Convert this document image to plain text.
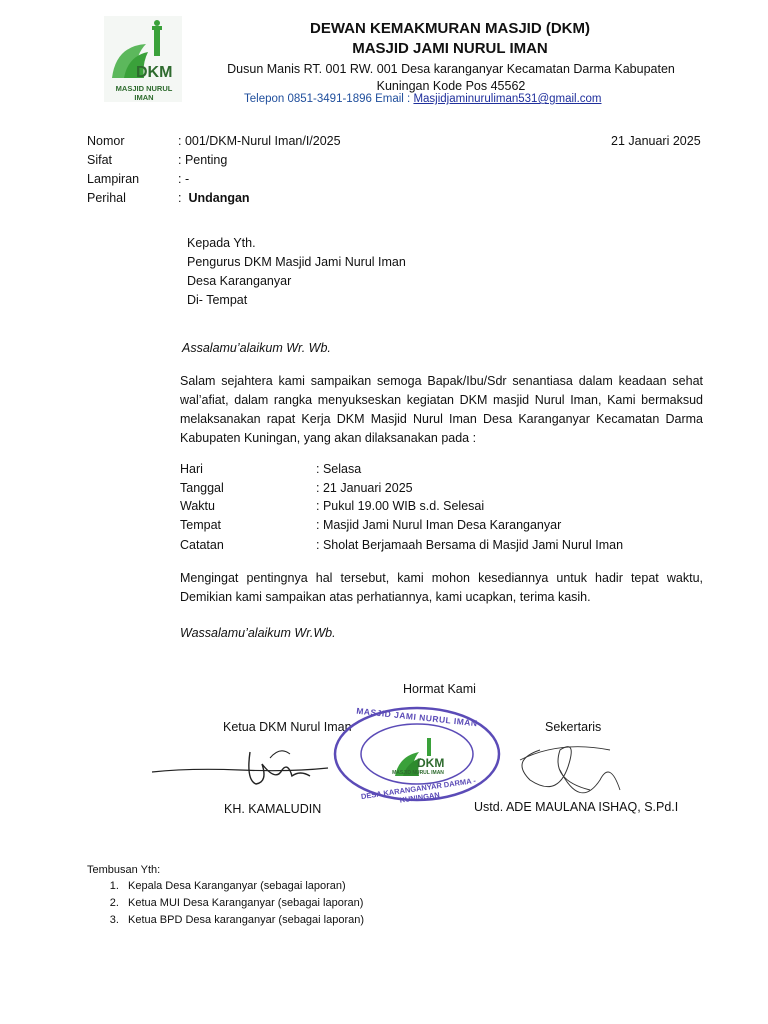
DKM
MASJID NURUL IMAN
DEWAN KEMAKMURAN MASJID (DKM)
MASJID JAMI NURUL IMAN
Dusun Manis RT. 001 RW. 001 Desa karanganyar Kecamatan Darma Kabupaten
Kuningan Kode Pos 45562
Telepon 0851-3491-1896 Email : Masjidjaminuruliman531@gmail.com
Nomor	: 001/DKM-Nurul Iman/I/2025
Sifat	: Penting
Lampiran	: -
Perihal	: Undangan
21 Januari 2025
Kepada Yth.
Pengurus DKM Masjid Jami Nurul Iman
Desa Karanganyar
Di- Tempat
Assalamu’alaikum Wr. Wb.
Salam sejahtera kami sampaikan semoga Bapak/Ibu/Sdr senantiasa dalam keadaan sehat
wal’afiat, dalam rangka menyukseskan kegiatan DKM masjid Nurul Iman, Kami bermaksud
melaksanakan rapat Kerja DKM Masjid Nurul Iman Desa Karanganyar Kecamatan Darma
Kabupaten Kuningan, yang akan dilaksanakan pada :
Hari	: Selasa
Tanggal	: 21 Januari 2025
Waktu	: Pukul 19.00 WIB s.d. Selesai
Tempat	: Masjid Jami Nurul Iman Desa Karanganyar
Catatan	: Sholat Berjamaah Bersama di Masjid Jami Nurul Iman
Mengingat pentingnya hal tersebut, kami mohon kesediannya untuk hadir tepat waktu,
Demikian kami sampaikan atas perhatiannya, kami ucapkan, terima kasih.
Wassalamu’alaikum Wr.Wb.
Hormat Kami
Ketua DKM Nurul Iman	Sekertaris
MASJID JAMI NURUL IMAN
DKM
MASJID NURUL IMAN
DESA KARANGANYAR DARMA - KUNINGAN
KH. KAMALUDIN	Ustd. ADE MAULANA ISHAQ, S.Pd.I
Tembusan Yth:
1. Kepala Desa Karanganyar (sebagai laporan)
2. Ketua MUI Desa Karanganyar (sebagai laporan)
3. Ketua BPD Desa karanganyar (sebagai laporan)
